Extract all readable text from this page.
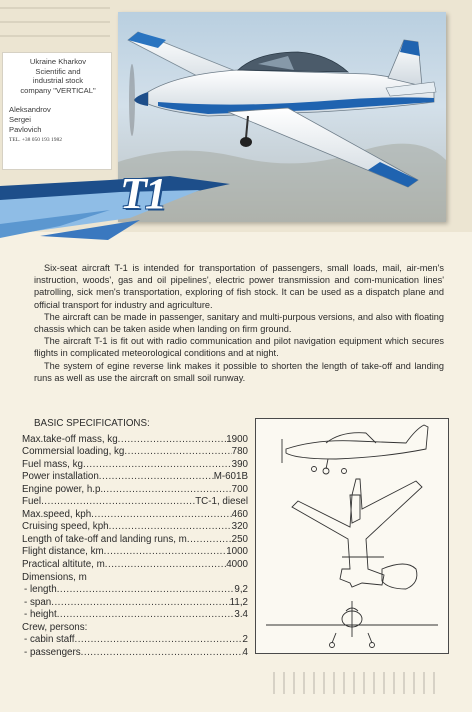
Ukraine Kharkov
Scientific and
industrial stock
company "VERTICAL"
Aleksandrov
Sergei
Pavlovich
TEL. +38 050 193 1982
T1

Six-seat aircraft T-1 is intended for transportation of passengers, small loads, mail, air-men's instruction, woods', gas and oil pipelines', electric power transmission and com-munication lines' patrolling, sick men's transportation, exploring of fish stock. It can be used as a dispatch plane and official transport for industry and agriculture.

The aircraft can be made in passenger, sanitary and multi-purpous versions, and also with floating chassis which can be taken aside when landing on firm ground.

The aircraft T-1 is fit out with radio communication and pilot navigation equipment which secures flights in complicated meteorological conditions and at night.

The system of egine reverse link makes it possible to shorten the length of take-off and landing runs as well as use the aircraft on small soil runway.

BASIC SPECIFICATIONS:
Max.take-off mass, kg .....	1900
Commersial loading, kg .....	780
Fuel mass, kg .....	390
Power installation .....	M-601B
Engine power, h.p. .....	700
Fuel .....	TC-1, diesel
Max.speed, kph .....	460
Cruising speed, kph .....	320
Length of take-off and landing runs, m .....	250
Flight distance, km .....	1000
Practical altitute, m .....	4000
Dimensions, m
- length .....	9,2
- span .....	11,2
- height .....	3.4
Crew, persons:
- cabin staff .....	2
- passengers .....	4
